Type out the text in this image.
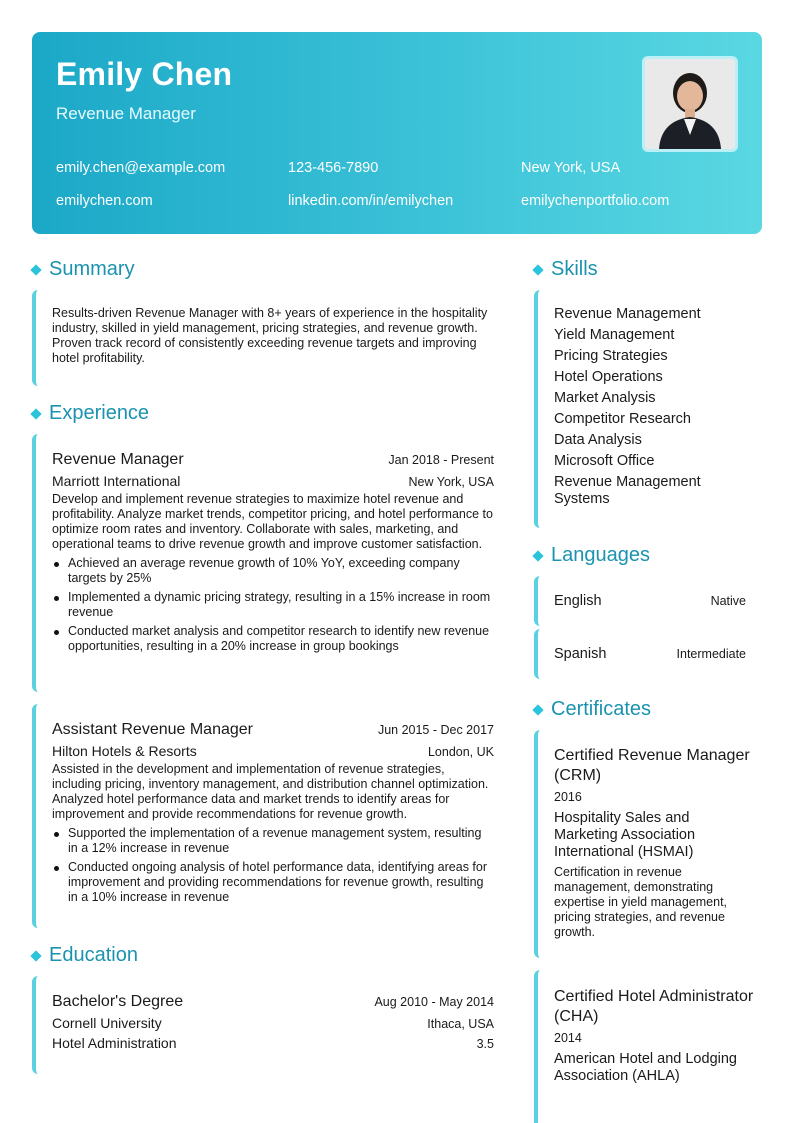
Emily Chen
Revenue Manager
emily.chen@example.com	123-456-7890	New York, USA
emilychen.com	linkedin.com/in/emilychen	emilychenportfolio.com
Summary
Results-driven Revenue Manager with 8+ years of experience in the hospitality industry, skilled in yield management, pricing strategies, and revenue growth. Proven track record of consistently exceeding revenue targets and improving hotel profitability.
Experience
Revenue Manager	Jan 2018 - Present
Marriott International	New York, USA
Develop and implement revenue strategies to maximize hotel revenue and profitability. Analyze market trends, competitor pricing, and hotel performance to optimize room rates and inventory. Collaborate with sales, marketing, and operational teams to drive revenue growth and improve customer satisfaction.
Achieved an average revenue growth of 10% YoY, exceeding company targets by 25%
Implemented a dynamic pricing strategy, resulting in a 15% increase in room revenue
Conducted market analysis and competitor research to identify new revenue opportunities, resulting in a 20% increase in group bookings
Assistant Revenue Manager	Jun 2015 - Dec 2017
Hilton Hotels & Resorts	London, UK
Assisted in the development and implementation of revenue strategies, including pricing, inventory management, and distribution channel optimization. Analyzed hotel performance data and market trends to identify areas for improvement and provide recommendations for revenue growth.
Supported the implementation of a revenue management system, resulting in a 12% increase in revenue
Conducted ongoing analysis of hotel performance data, identifying areas for improvement and providing recommendations for revenue growth, resulting in a 10% increase in revenue
Education
Bachelor's Degree	Aug 2010 - May 2014
Cornell University	Ithaca, USA
Hotel Administration	3.5
Skills
Revenue Management
Yield Management
Pricing Strategies
Hotel Operations
Market Analysis
Competitor Research
Data Analysis
Microsoft Office
Revenue Management Systems
Languages
English	Native
Spanish	Intermediate
Certificates
Certified Revenue Manager (CRM)
2016
Hospitality Sales and Marketing Association International (HSMAI)
Certification in revenue management, demonstrating expertise in yield management, pricing strategies, and revenue growth.
Certified Hotel Administrator (CHA)
2014
American Hotel and Lodging Association (AHLA)
